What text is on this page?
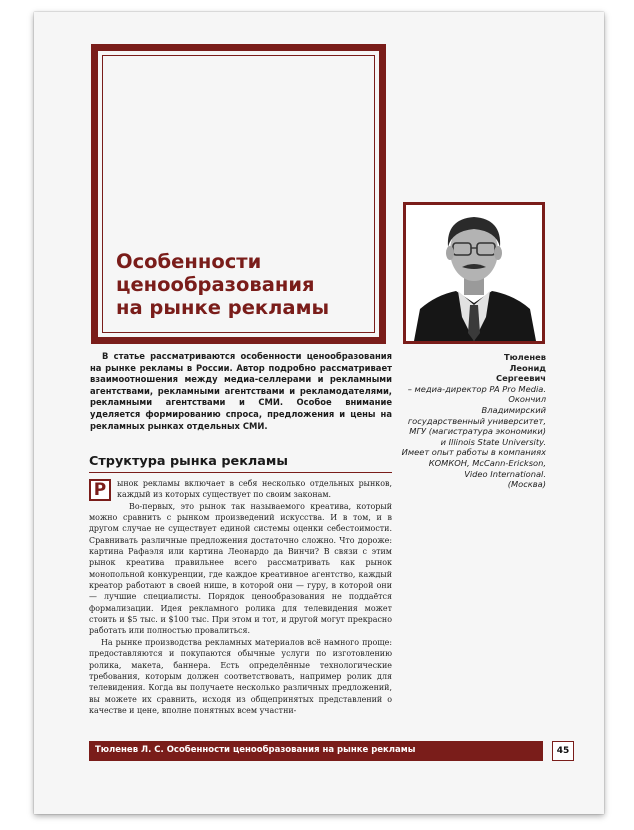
Особенности
ценообразования
на рынке рекламы

В статье рассматриваются особенности ценообразования на рынке рекламы в России. Автор подробно рассматривает взаимоотношения между медиа-селлерами и рекламными агентствами, рекламными агентствами и рекламодателями, рекламными агентствами и СМИ. Особое внимание уделяется формированию спроса, предложения и цены на рекламных рынках отдельных СМИ.

Тюленев
Леонид
Сергеевич
– медиа-директор PA Pro Media.
Окончил
Владимирский
государственный университет,
МГУ (магистратура экономики)
и Illinois State University.
Имеет опыт работы в компаниях
КОМКОН, McCann-Erickson,
Video International.
(Москва)
Структура рынка рекламы

Р	ынок рекламы включает в себя несколько отдельных рынков, каждый из которых существует по своим законам.

Во-первых, это рынок так называемого креатива, который можно сравнить с рынком произведений искусства. И в том, и в другом случае не существует единой системы оценки себестоимости. Сравнивать различные предложения достаточно сложно. Что дороже: картина Рафаэля или картина Леонардо да Винчи? В связи с этим рынок креатива правильнее всего рассматривать как рынок монопольной конкуренции, где каждое креативное агентство, каждый креатор работают в своей нише, в которой они — гуру, в которой они — лучшие специалисты. Порядок ценообразования не поддаётся формализации. Идея рекламного ролика для телевидения может стоить и $5 тыс. и $100 тыс. При этом и тот, и другой могут прекрасно работать или полностью провалиться.

На рынке производства рекламных материалов всё намного проще: предоставляются и покупаются обычные услуги по изготовлению ролика, макета, баннера. Есть определённые технологические требования, которым должен соответствовать, например ролик для телевидения. Когда вы получаете несколько различных предложений, вы можете их сравнить, исходя из общепринятых представлений о качестве и цене, вполне понятных всем участни-

Тюленев Л. С. Особенности ценообразования на рынке рекламы	45
